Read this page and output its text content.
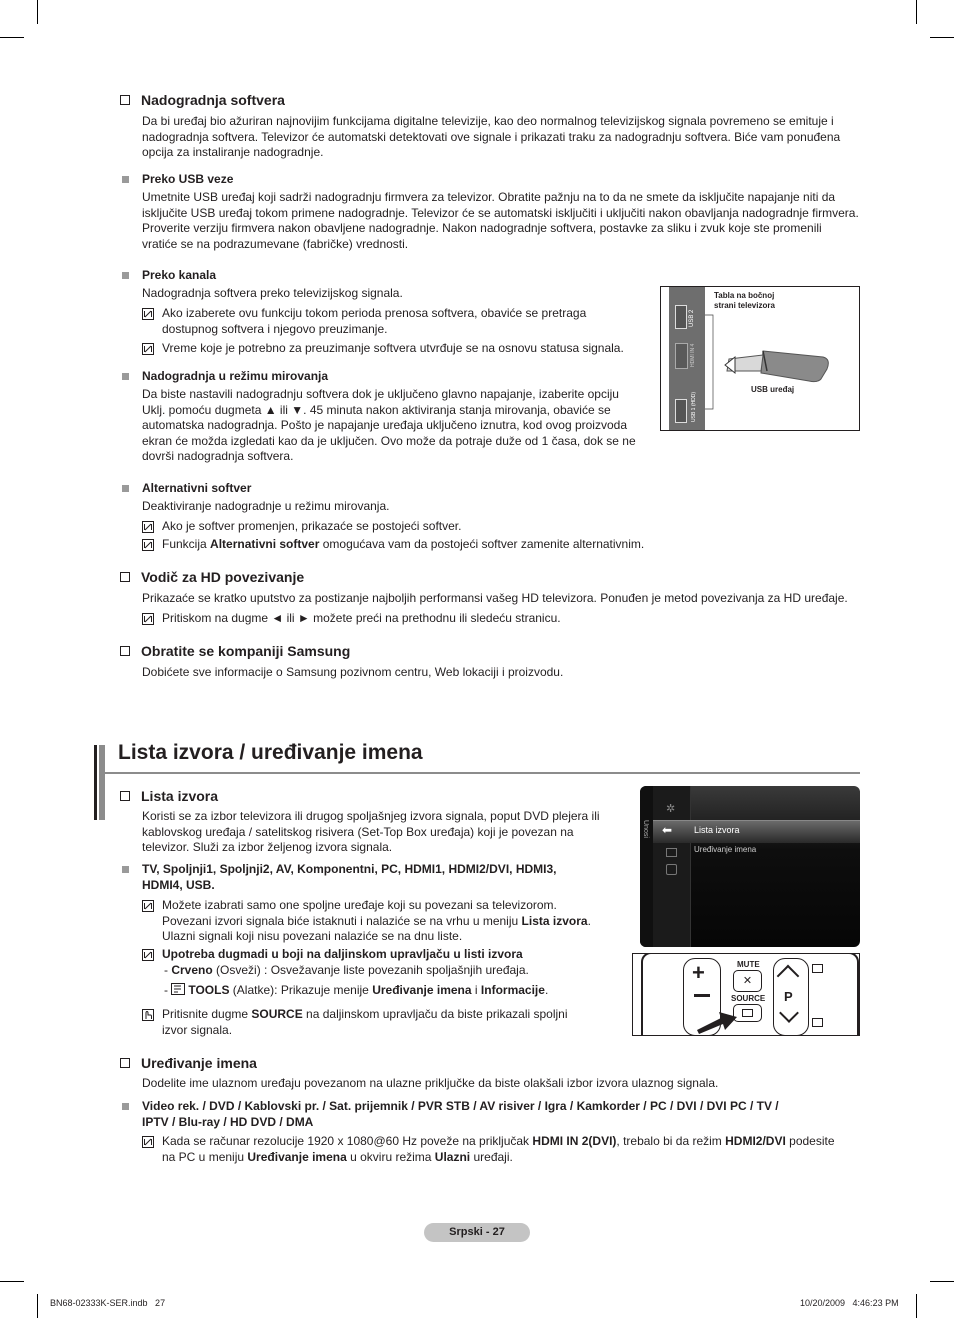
Nadogradnja softvera
Da bi uređaj bio ažuriran najnovijim funkcijama digitalne televizije, kao deo normalnog televizijskog signala povremeno se emituje i nadogradnja softvera. Televizor će automatski detektovati ove signale i prikazati traku za nadogradnju softvera. Biće vam ponuđena opcija za instaliranje nadogradnje.
Preko USB veze
Umetnite USB uređaj koji sadrži nadogradnju firmvera za televizor. Obratite pažnju na to da ne smete da isključite napajanje niti da isključite USB uređaj tokom primene nadogradnje. Televizor će se automatski isključiti i uključiti nakon obavljanja nadogradnje firmvera. Proverite verziju firmvera nakon obavljene nadogradnje. Nakon nadogradnje softvera, postavke za sliku i zvuk koje ste promenili vratiće se na podrazumevane (fabričke) vrednosti.
Preko kanala
Nadogradnja softvera preko televizijskog signala.
Ako izaberete ovu funkciju tokom perioda prenosa softvera, obaviće se pretraga dostupnog softvera i njegovo preuzimanje.
Vreme koje je potrebno za preuzimanje softvera utvrđuje se na osnovu statusa signala.
Nadogradnja u režimu mirovanja
Da biste nastavili nadogradnju softvera dok je uključeno glavno napajanje, izaberite opciju Uklj. pomoću dugmeta ▲ ili ▼. 45 minuta nakon aktiviranja stanja mirovanja, obaviće se automatska nadogradnja. Pošto je napajanje uređaja uključeno iznutra, kod ovog proizvoda ekran će možda izgledati kao da je uključen. Ovo može da potraje duže od 1 časa, dok se ne dovrši nadogradnja softvera.
Alternativni softver
Deaktiviranje nadogradnje u režimu mirovanja.
Ako je softver promenjen, prikazaće se postojeći softver.
Funkcija Alternativni softver omogućava vam da postojeći softver zamenite alternativnim.
USB 2
HDMI IN 4
USB 1 (HDD)
Tabla na bočnoj
strani televizora
USB uređaj
Vodič za HD povezivanje
Prikazaće se kratko uputstvo za postizanje najboljih performansi vašeg HD televizora. Ponuđen je metod povezivanja za HD uređaje.
Pritiskom na dugme ◄ ili ► možete preći na prethodnu ili sledeću stranicu.
Obratite se kompaniji Samsung
Dobićete sve informacije o Samsung pozivnom centru, Web lokaciji i proizvodu.
Lista izvora / uređivanje imena
Lista izvora
Koristi se za izbor televizora ili drugog spoljašnjeg izvora signala, poput DVD plejera ili kablovskog uređaja / satelitskog risivera (Set-Top Box uređaja) koji je povezan na televizor. Služi za izbor željenog izvora signala.
TV, Spoljnji1, Spoljnji2, AV, Komponentni, PC, HDMI1, HDMI2/DVI, HDMI3,
HDMI4, USB.
Možete izabrati samo one spoljne uređaje koji su povezani sa televizorom.
Povezani izvori signala biće istaknuti i nalaziće se na vrhu u meniju Lista izvora.
Ulazni signali koji nisu povezani nalaziće se na dnu liste.
Upotreba dugmadi u boji na daljinskom upravljaču u listi izvora
- Crveno (Osveži) : Osvežavanje liste povezanih spoljašnjih uređaja.
- TOOLS (Alatke): Prikazuje menije Uređivanje imena i Informacije.
Pritisnite dugme SOURCE na daljinskom upravljaču da biste prikazali spoljni
izvor signala.
Unosi
✲
⬅ Lista izvora
Uređivanje imena
+	MUTE
✕
SOURCE P
Uređivanje imena
Dodelite ime ulaznom uređaju povezanom na ulazne priključke da biste olakšali izbor izvora ulaznog signala.
Video rek. / DVD / Kablovski pr. / Sat. prijemnik / PVR STB / AV risiver / Igra / Kamkorder / PC / DVI / DVI PC / TV /
IPTV / Blu-ray / HD DVD / DMA
Kada se računar rezolucije 1920 x 1080@60 Hz poveže na priključak HDMI IN 2(DVI), trebalo bi da režim HDMI2/DVI podesite
na PC u meniju Uređivanje imena u okviru režima Ulazni uređaji.
Srpski - 27
BN68-02333K-SER.indb   27	10/20/2009   4:46:23 PM
